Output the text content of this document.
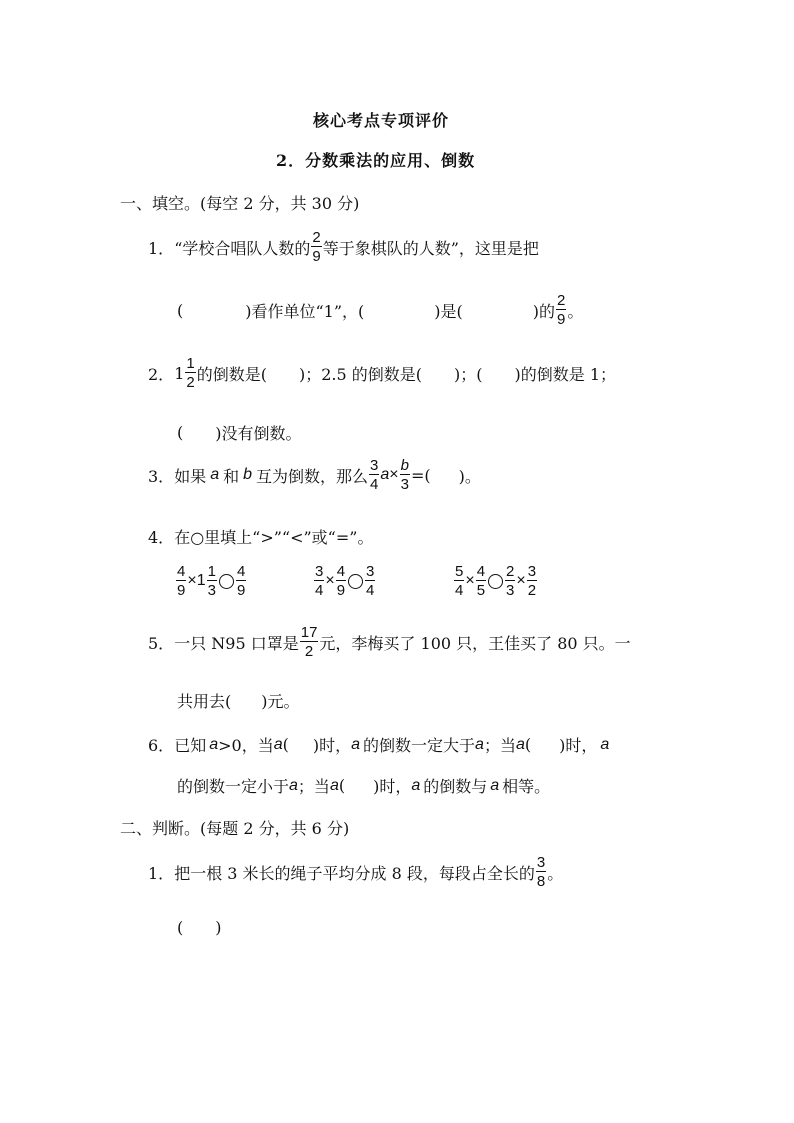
核心考点专项评价
2．分数乘法的应用、倒数
一、填空。(每空 2 分，共 30 分)
1． “学校合唱队人数的 $\frac{2}{9}$ 等于象棋队的人数”，这里是把
(	)看作单位“1”，(	)是(	)的 $\frac{2}{9}$ 。
2． $1 \frac{1}{2}$ 的倒数是( )；2.5 的倒数是( )；( )的倒数是 1；
( )没有倒数。
3． 如果 a 和 b 互为倒数，那么 $\frac{3}{4}$ $a \times \frac{b}{3}$ =( )。
4．在○里填上“>”“<”或“=”。
$\frac{4}{9} \times 1 \frac{1}{3} \frac{4}{9}$	$\frac{3}{4} \times \frac{4}{9} \frac{3}{4}$	$\frac{5}{4} \times \frac{4}{5} \frac{2}{3} \times \frac{3}{2}$
5． 一只 N95 口罩是 $\frac{17}{2}$ 元，李梅买了 100 只，王佳买了 80 只。一
共用去( )元。
6． 已知 a >0，当 a ( )时， a 的倒数一定大于 a ；当 a ( )时， a
的倒数一定小于 a ；当 a ( )时， a 的倒数与 a 相等。
二、判断。(每题 2 分，共 6 分)
1． 把一根 3 米长的绳子平均分成 8 段，每段占全长的 $\frac{3}{8}$ 。
( )
